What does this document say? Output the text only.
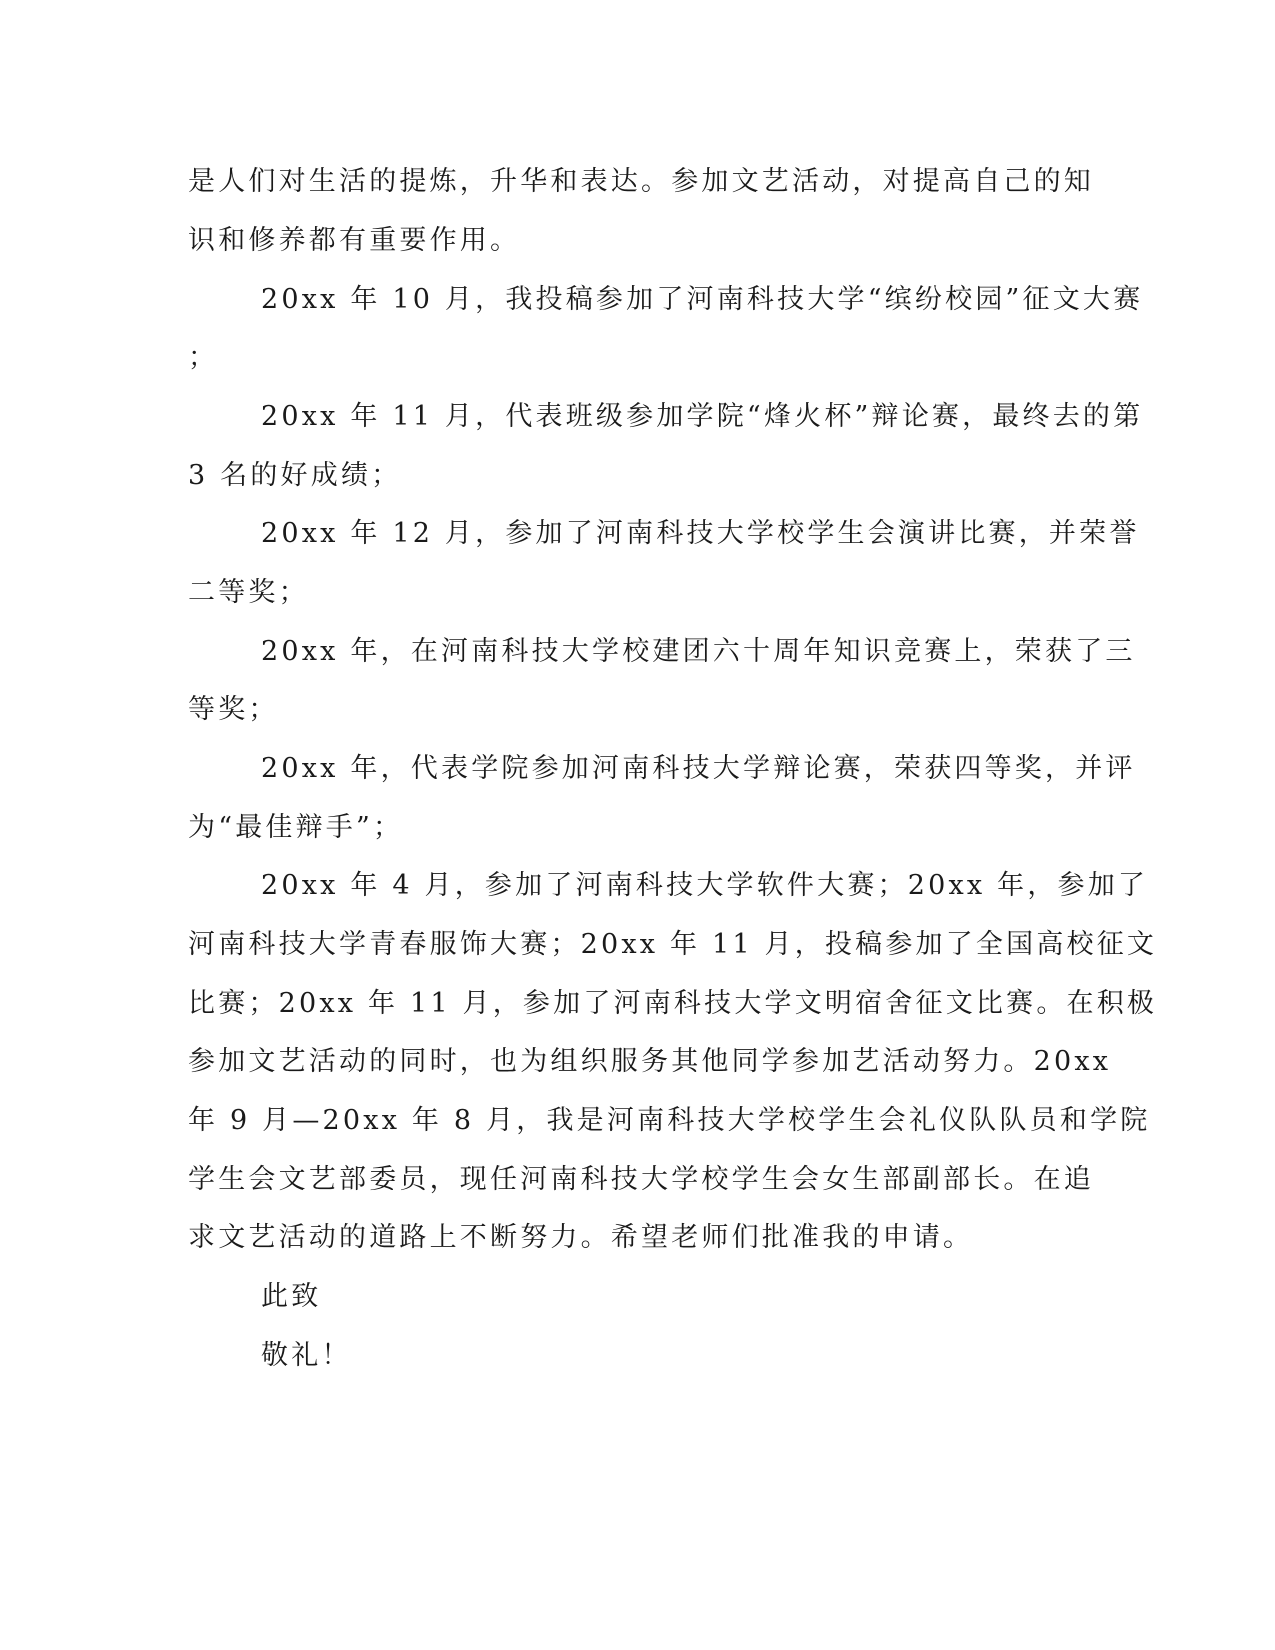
是人们对生活的提炼，升华和表达。参加文艺活动，对提高自己的知
识和修养都有重要作用。
20xx 年 10 月，我投稿参加了河南科技大学“缤纷校园”征文大赛
；
20xx 年 11 月，代表班级参加学院“烽火杯”辩论赛，最终去的第
3 名的好成绩；
20xx 年 12 月，参加了河南科技大学校学生会演讲比赛，并荣誉
二等奖；
20xx 年，在河南科技大学校建团六十周年知识竞赛上，荣获了三
等奖；
20xx 年，代表学院参加河南科技大学辩论赛，荣获四等奖，并评
为“最佳辩手”；
20xx 年 4 月，参加了河南科技大学软件大赛；20xx 年，参加了
河南科技大学青春服饰大赛；20xx 年 11 月，投稿参加了全国高校征文
比赛；20xx 年 11 月，参加了河南科技大学文明宿舍征文比赛。在积极
参加文艺活动的同时，也为组织服务其他同学参加艺活动努力。20xx
年 9 月—20xx 年 8 月，我是河南科技大学校学生会礼仪队队员和学院
学生会文艺部委员，现任河南科技大学校学生会女生部副部长。在追
求文艺活动的道路上不断努力。希望老师们批准我的申请。
此致
敬礼！
